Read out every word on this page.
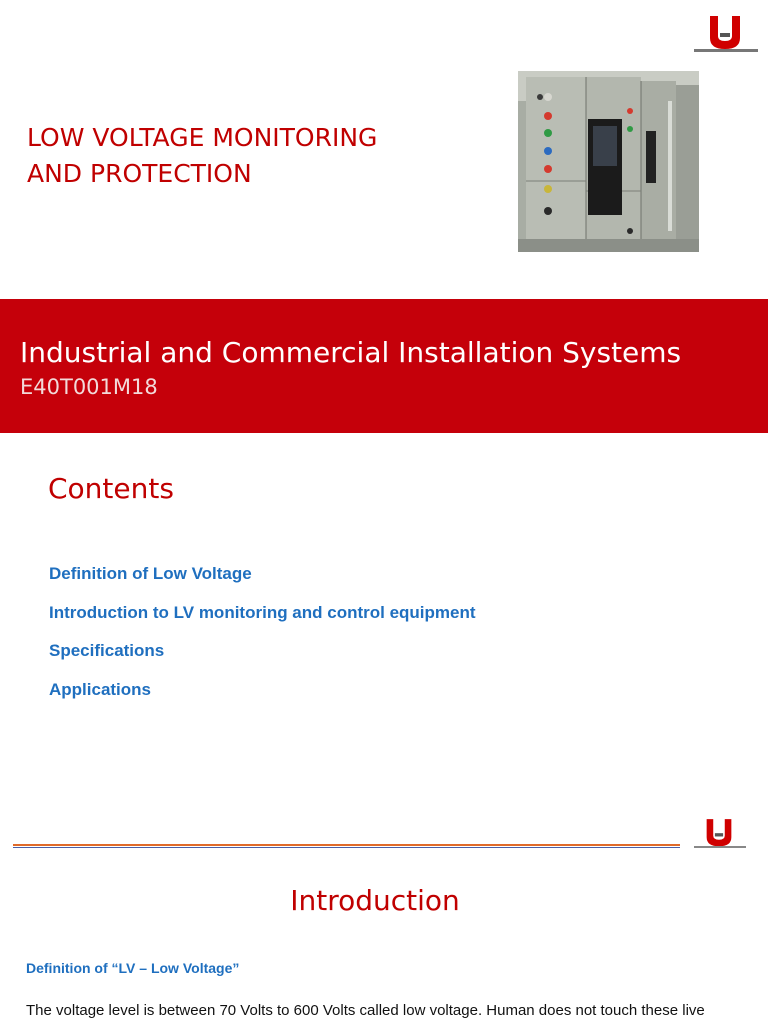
LOW VOLTAGE MONITORING
AND PROTECTION
Industrial and Commercial Installation Systems
E40T001M18
Contents
Definition of Low Voltage
Introduction to LV monitoring and control equipment
Specifications
Applications
Introduction
Definition of “LV – Low Voltage”
The voltage level is between 70 Volts to 600 Volts called low voltage. Human does not touch these live
